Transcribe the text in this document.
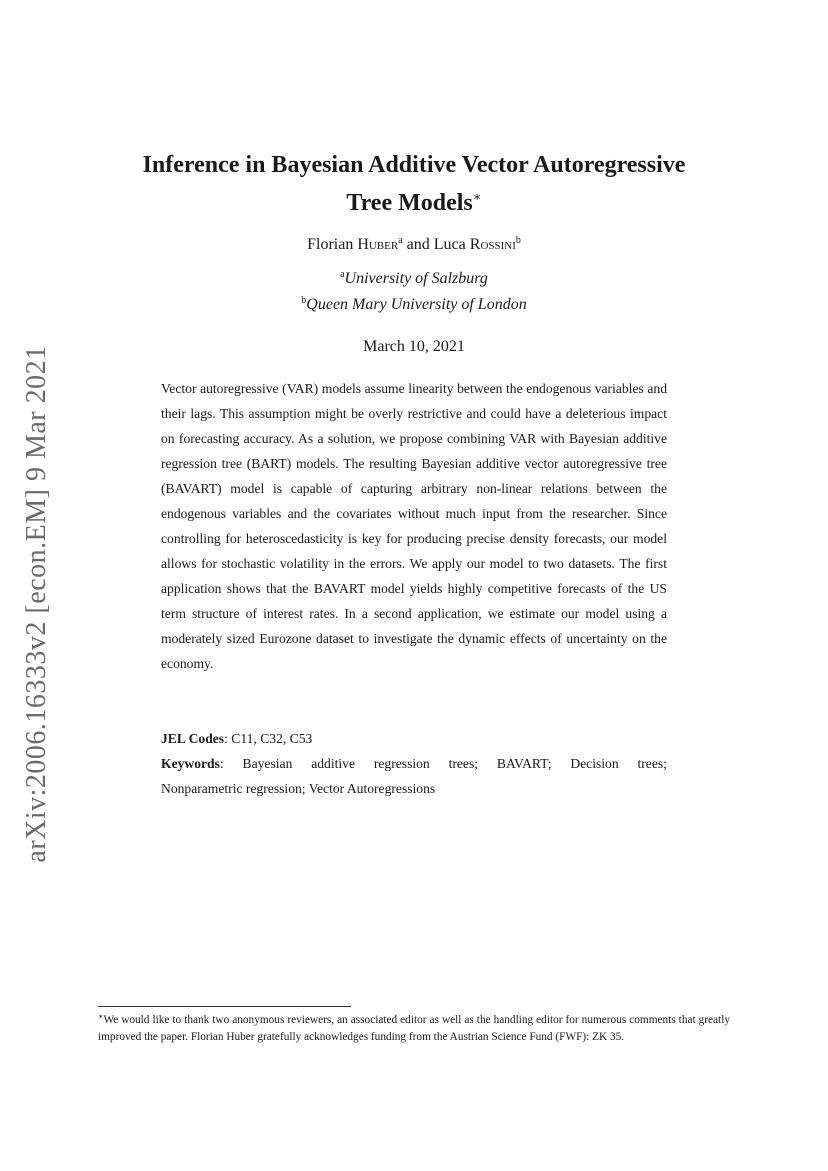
arXiv:2006.16333v2 [econ.EM] 9 Mar 2021
Inference in Bayesian Additive Vector Autoregressive
Tree Models∗
Florian Huber$^a$ and Luca Rossini$^b$
$^a$University of Salzburg
$^b$Queen Mary University of London
March 10, 2021

Vector autoregressive (VAR) models assume linearity between the endogenous variables and their lags. This assumption might be overly restrictive and could have a deleterious impact on forecasting accuracy. As a solution, we propose combining VAR with Bayesian additive regression tree (BART) models. The resulting Bayesian additive vector autoregressive tree (BAVART) model is capable of capturing arbitrary non-linear relations between the endogenous variables and the covariates without much input from the researcher. Since controlling for heteroscedasticity is key for producing precise density forecasts, our model allows for stochastic volatility in the errors. We apply our model to two datasets. The first application shows that the BAVART model yields highly competitive forecasts of the US term structure of interest rates. In a second application, we estimate our model using a moderately sized Eurozone dataset to investigate the dynamic effects of uncertainty on the economy.

JEL Codes: C11, C32, C53
Keywords: Bayesian additive regression trees; BAVART; Decision trees;
Nonparametric regression; Vector Autoregressions

∗We would like to thank two anonymous reviewers, an associated editor as well as the handling editor for numerous comments that greatly improved the paper. Florian Huber gratefully acknowledges funding from the Austrian Science Fund (FWF): ZK 35.
